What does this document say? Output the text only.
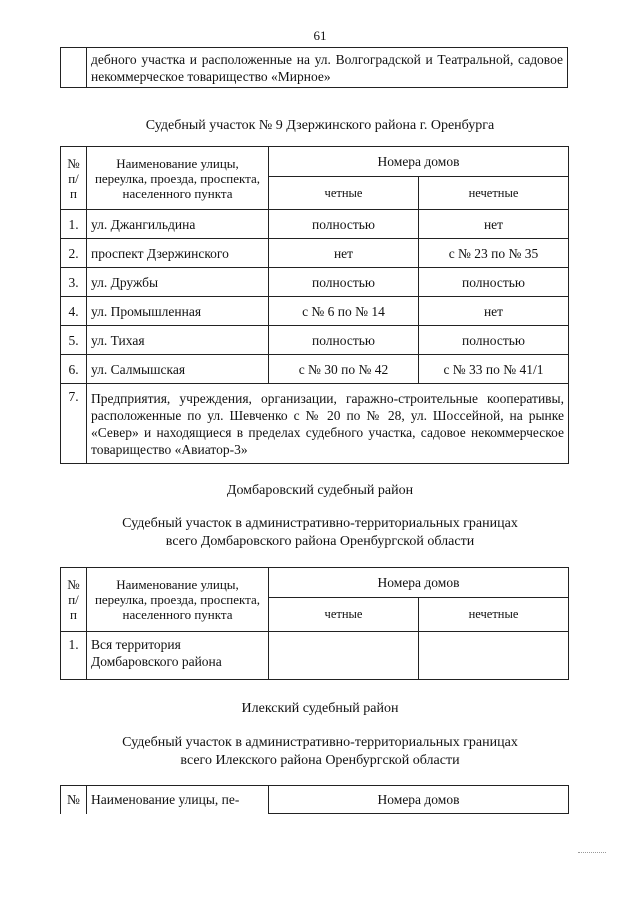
61
	дебного участка и расположенные на ул. Волгоградской и Театральной, садовое некоммерческое товарищество «Мирное»
Судебный участок № 9 Дзержинского района г. Оренбурга
№ п/п	Наименование улицы, переулка, проезда, проспекта, населенного пункта	Номера домов	
		четные	нечетные
1.	ул. Джангильдина	полностью	нет
2.	проспект Дзержинского	нет	с № 23 по № 35
3.	ул. Дружбы	полностью	полностью
4.	ул. Промышленная	с № 6 по № 14	нет
5.	ул. Тихая	полностью	полностью
6.	ул. Салмышская	с № 30 по № 42	с № 33 по № 41/1
7.	Предприятия, учреждения, организации, гаражно-строительные кооперативы, расположенные по ул. Шевченко с № 20 по № 28, ул. Шоссейной, на рынке «Север» и находящиеся в пределах судебного участка, садовое некоммерческое товарищество «Авиатор-3»		
Домбаровский судебный район
Судебный участок в административно-территориальных границах
всего Домбаровского района Оренбургской области
№ п/п	Наименование улицы, переулка, проезда, проспекта, населенного пункта	Номера домов	
		четные	нечетные
1.	Вся территория Домбаровского района		
Илекский судебный район
Судебный участок в административно-территориальных границах
всего Илекского района Оренбургской области
№	Наименование улицы, пе-	Номера домов
